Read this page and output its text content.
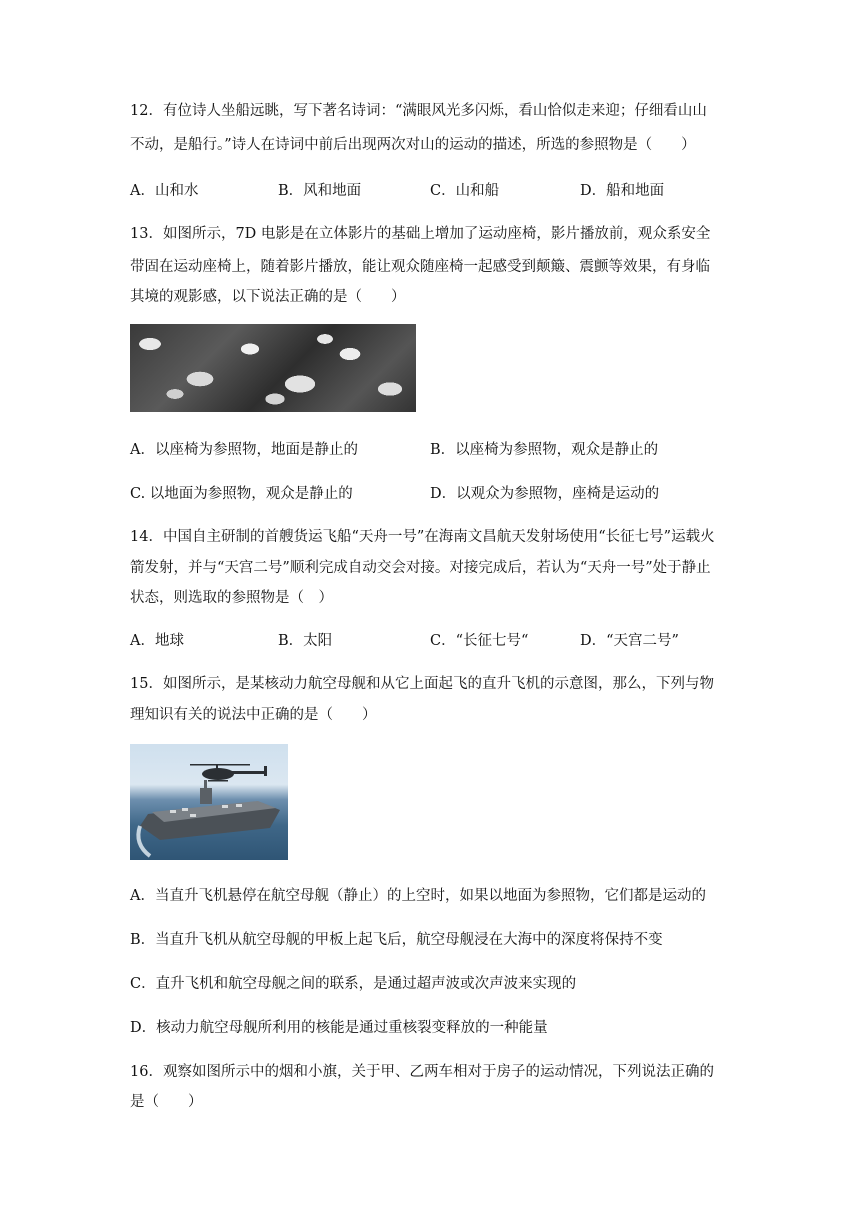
12．有位诗人坐船远眺，写下著名诗词：“满眼风光多闪烁，看山恰似走来迎；仔细看山山
不动，是船行。”诗人在诗词中前后出现两次对山的运动的描述，所选的参照物是（　　）
A．山和水	B．风和地面	C．山和船	D．船和地面
13．如图所示，7D 电影是在立体影片的基础上增加了运动座椅，影片播放前，观众系安全
带固在运动座椅上，随着影片播放，能让观众随座椅一起感受到颠簸、震颤等效果，有身临
其境的观影感，以下说法正确的是（　　）
A．以座椅为参照物，地面是静止的	B．以座椅为参照物，观众是静止的
C. 以地面为参照物，观众是静止的	D．以观众为参照物，座椅是运动的
14．中国自主研制的首艘货运飞船“天舟一号”在海南文昌航天发射场使用“长征七号”运载火
箭发射，并与“天宫二号”顺利完成自动交会对接。对接完成后，若认为“天舟一号”处于静止
状态，则选取的参照物是（　）
A．地球	B．太阳	C．“长征七号“	D．“天宫二号”
15．如图所示，是某核动力航空母舰和从它上面起飞的直升飞机的示意图，那么，下列与物
理知识有关的说法中正确的是（　　）
A．当直升飞机悬停在航空母舰（静止）的上空时，如果以地面为参照物，它们都是运动的
B．当直升飞机从航空母舰的甲板上起飞后，航空母舰浸在大海中的深度将保持不变
C．直升飞机和航空母舰之间的联系，是通过超声波或次声波来实现的
D．核动力航空母舰所利用的核能是通过重核裂变释放的一种能量
16．观察如图所示中的烟和小旗，关于甲、乙两车相对于房子的运动情况，下列说法正确的
是（　　）
